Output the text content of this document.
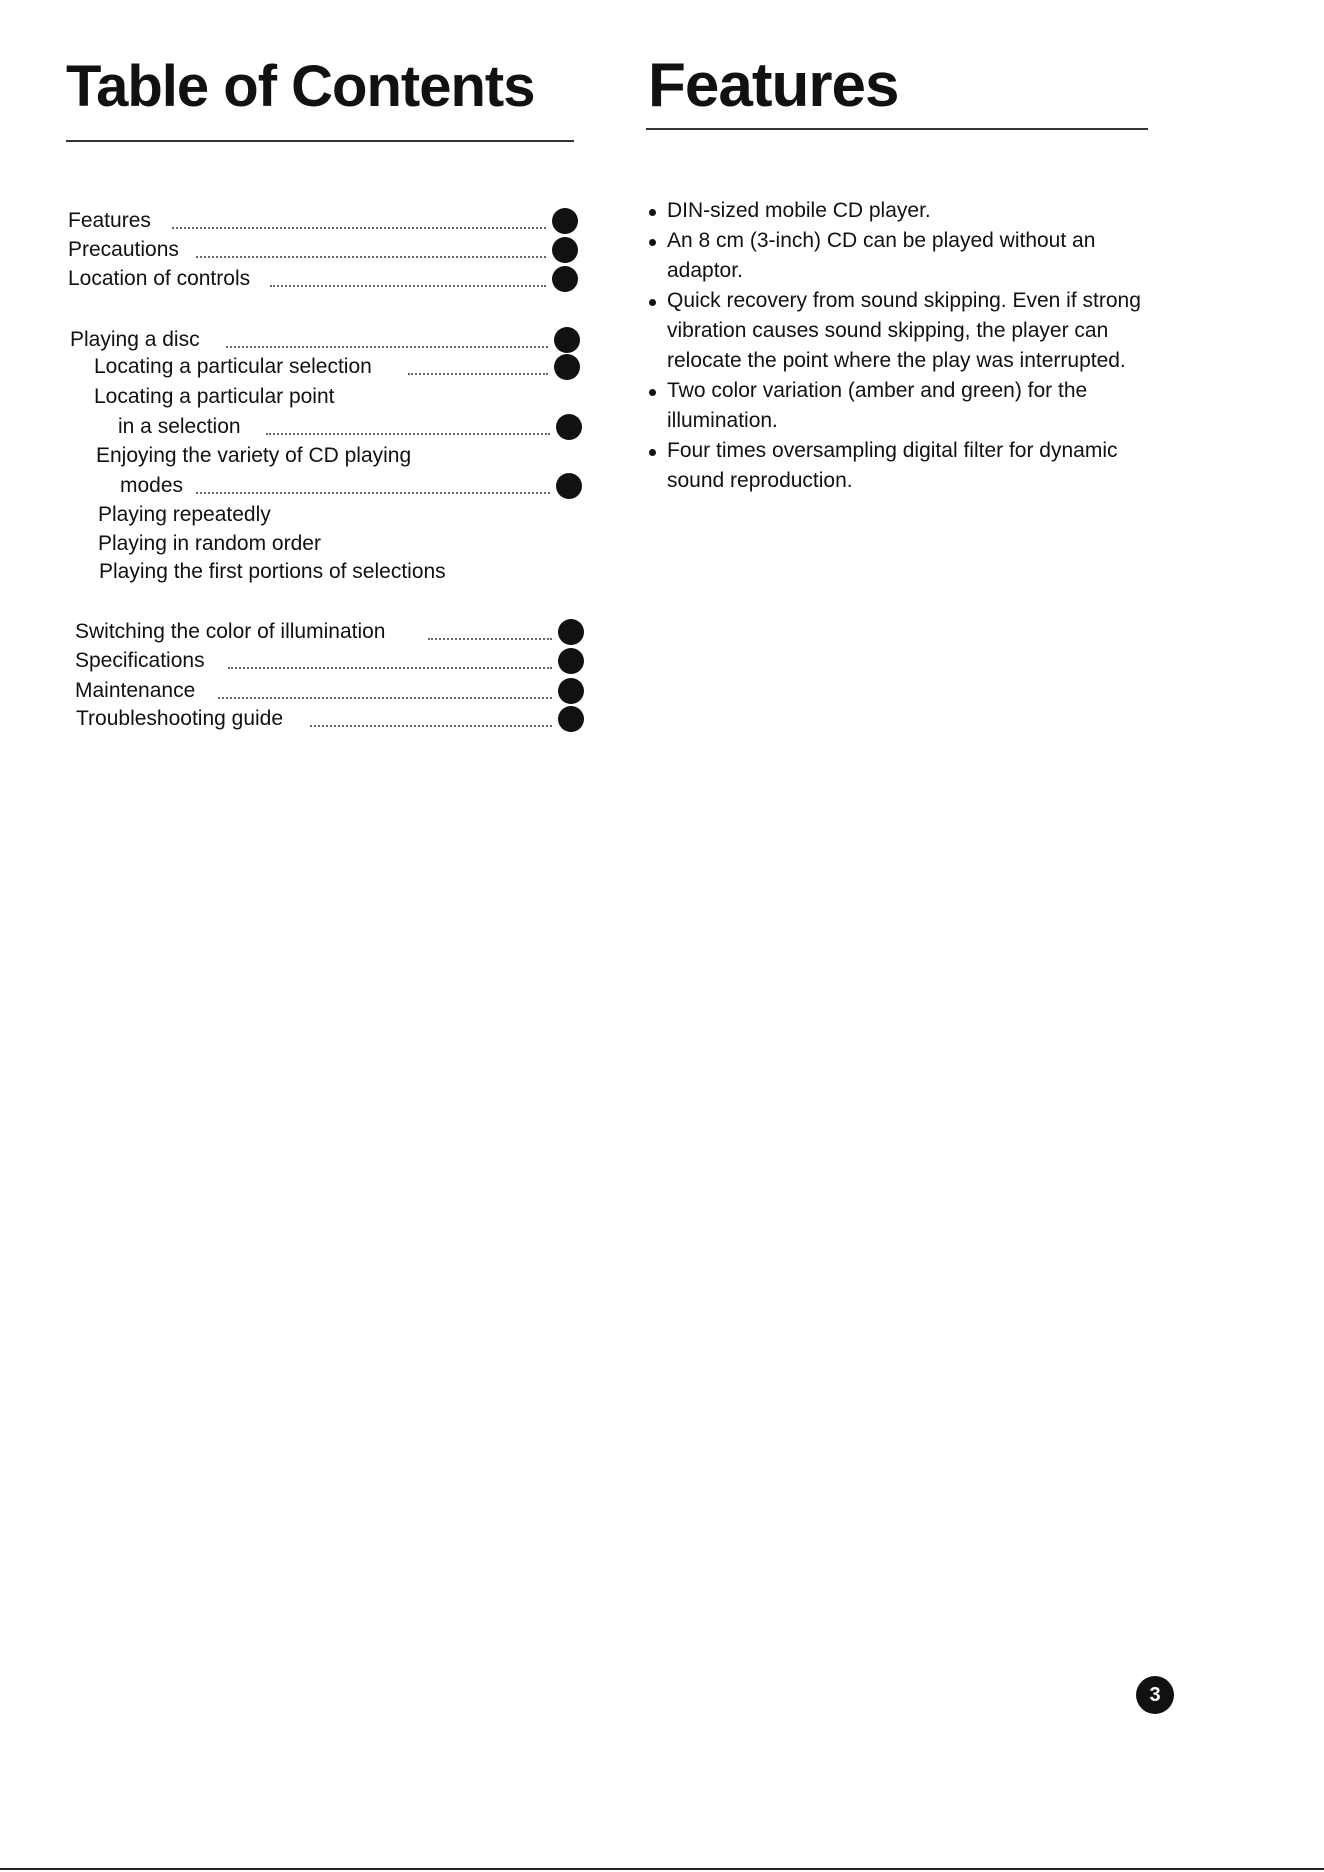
Table of Contents
Features
Precautions
Location of controls
Playing a disc
Locating a particular selection
Locating a particular point
in a selection
Enjoying the variety of CD playing
modes
Playing repeatedly
Playing in random order
Playing the first portions of selections
Switching the color of illumination
Specifications
Maintenance
Troubleshooting guide
Features
DIN-sized mobile CD player.
An 8 cm (3-inch) CD can be played without an adaptor.
Quick recovery from sound skipping. Even if strong vibration causes sound skipping, the player can relocate the point where the play was interrupted.
Two color variation (amber and green) for the illumination.
Four times oversampling digital filter for dynamic sound reproduction.
3
